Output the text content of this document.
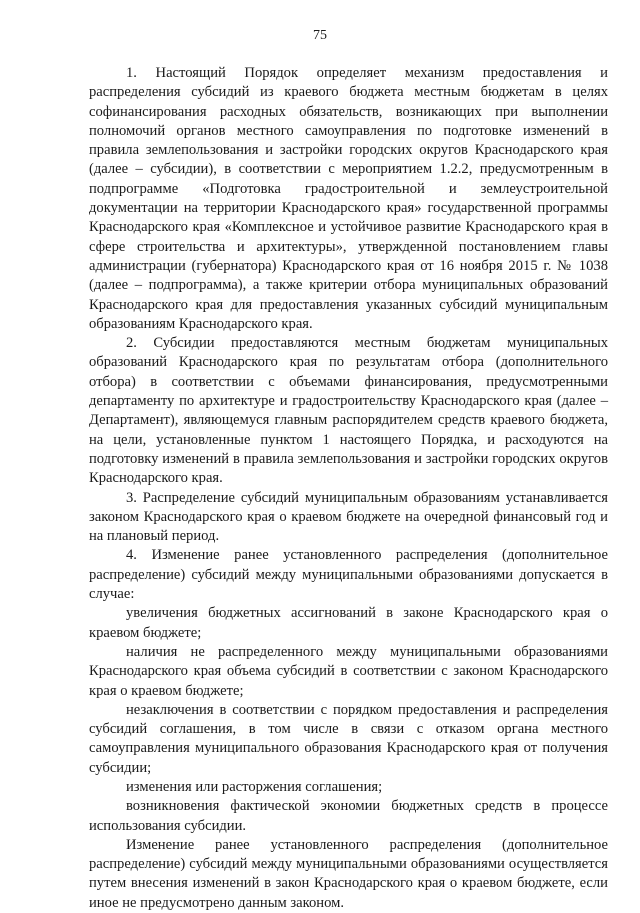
75

1. Настоящий Порядок определяет механизм предоставления и распределения субсидий из краевого бюджета местным бюджетам в целях софинансирования расходных обязательств, возникающих при выполнении полномочий органов местного самоуправления по подготовке изменений в правила землепользования и застройки городских округов Краснодарского края (далее – субсидии), в соответствии с мероприятием 1.2.2, предусмотренным в подпрограмме «Подготовка градостроительной и землеустроительной документации на территории Краснодарского края» государственной программы Краснодарского края «Комплексное и устойчивое развитие Краснодарского края в сфере строительства и архитектуры», утвержденной постановлением главы администрации (губернатора) Краснодарского края от 16 ноября 2015 г. № 1038 (далее – подпрограмма), а также критерии отбора муниципальных образований Краснодарского края для предоставления указанных субсидий муниципальным образованиям Краснодарского края.

2. Субсидии предоставляются местным бюджетам муниципальных образований Краснодарского края по результатам отбора (дополнительного отбора) в соответствии с объемами финансирования, предусмотренными департаменту по архитектуре и градостроительству Краснодарского края (далее – Департамент), являющемуся главным распорядителем средств краевого бюджета, на цели, установленные пунктом 1 настоящего Порядка, и расходуются на подготовку изменений в правила землепользования и застройки городских округов Краснодарского края.

3. Распределение субсидий муниципальным образованиям устанавливается законом Краснодарского края о краевом бюджете на очередной финансовый год и на плановый период.

4. Изменение ранее установленного распределения (дополнительное распределение) субсидий между муниципальными образованиями допускается в случае:

увеличения бюджетных ассигнований в законе Краснодарского края о краевом бюджете;

наличия не распределенного между муниципальными образованиями Краснодарского края объема субсидий в соответствии с законом Краснодарского края о краевом бюджете;

незаключения в соответствии с порядком предоставления и распределения субсидий соглашения, в том числе в связи с отказом органа местного самоуправления муниципального образования Краснодарского края от получения субсидии;

изменения или расторжения соглашения;

возникновения фактической экономии бюджетных средств в процессе использования субсидии.

Изменение ранее установленного распределения (дополнительное распределение) субсидий между муниципальными образованиями осуществляется путем внесения изменений в закон Краснодарского края о краевом бюджете, если иное не предусмотрено данным законом.
